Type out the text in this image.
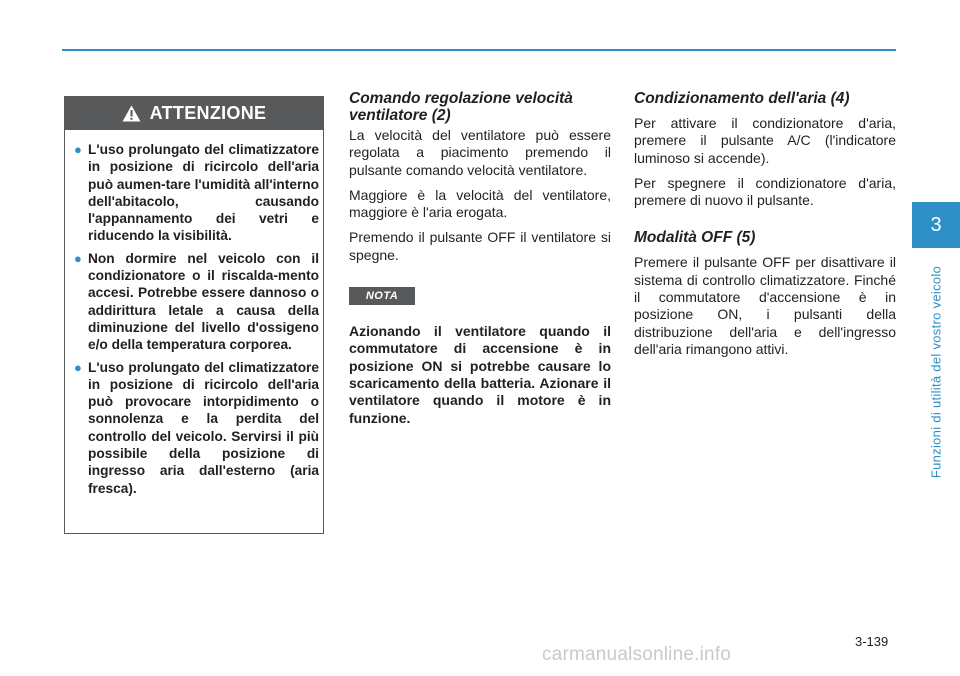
ATTENZIONE
● L'uso prolungato del climatizzatore in posizione di ricircolo dell'aria può aumen-tare l'umidità all'interno dell'abitacolo, causando l'appannamento dei vetri e riducendo la visibilità.
● Non dormire nel veicolo con il condizionatore o il riscalda-mento accesi. Potrebbe essere dannoso o addirittura letale a causa della diminuzione del livello d'ossigeno e/o della temperatura corporea.
● L'uso prolungato del climatizzatore in posizione di ricircolo dell'aria può provocare intorpidimento o sonnolenza e la perdita del controllo del veicolo. Servirsi il più possibile della posizione di ingresso aria dall'esterno (aria fresca).
Comando regolazione velocità ventilatore (2)

La velocità del ventilatore può essere regolata a piacimento premendo il pulsante comando velocità ventilatore.

Maggiore è la velocità del ventilatore, maggiore è l'aria erogata.

Premendo il pulsante OFF il ventilatore si spegne.

NOTA

Azionando il ventilatore quando il commutatore di accensione è in posizione ON si potrebbe causare lo scaricamento della batteria. Azionare il ventilatore quando il motore è in funzione.

Condizionamento dell'aria (4)

Per attivare il condizionatore d'aria, premere il pulsante A/C (l'indicatore luminoso si accende).

Per spegnere il condizionatore d'aria, premere di nuovo il pulsante.

Modalità OFF (5)

Premere il pulsante OFF per disattivare il sistema di controllo climatizzatore. Finché il commutatore d'accensione è in posizione ON, i pulsanti della distribuzione dell'aria e dell'ingresso dell'aria rimangono attivi.

3
Funzioni di utilità del vostro veicolo
3-139
carmanualsonline.info
